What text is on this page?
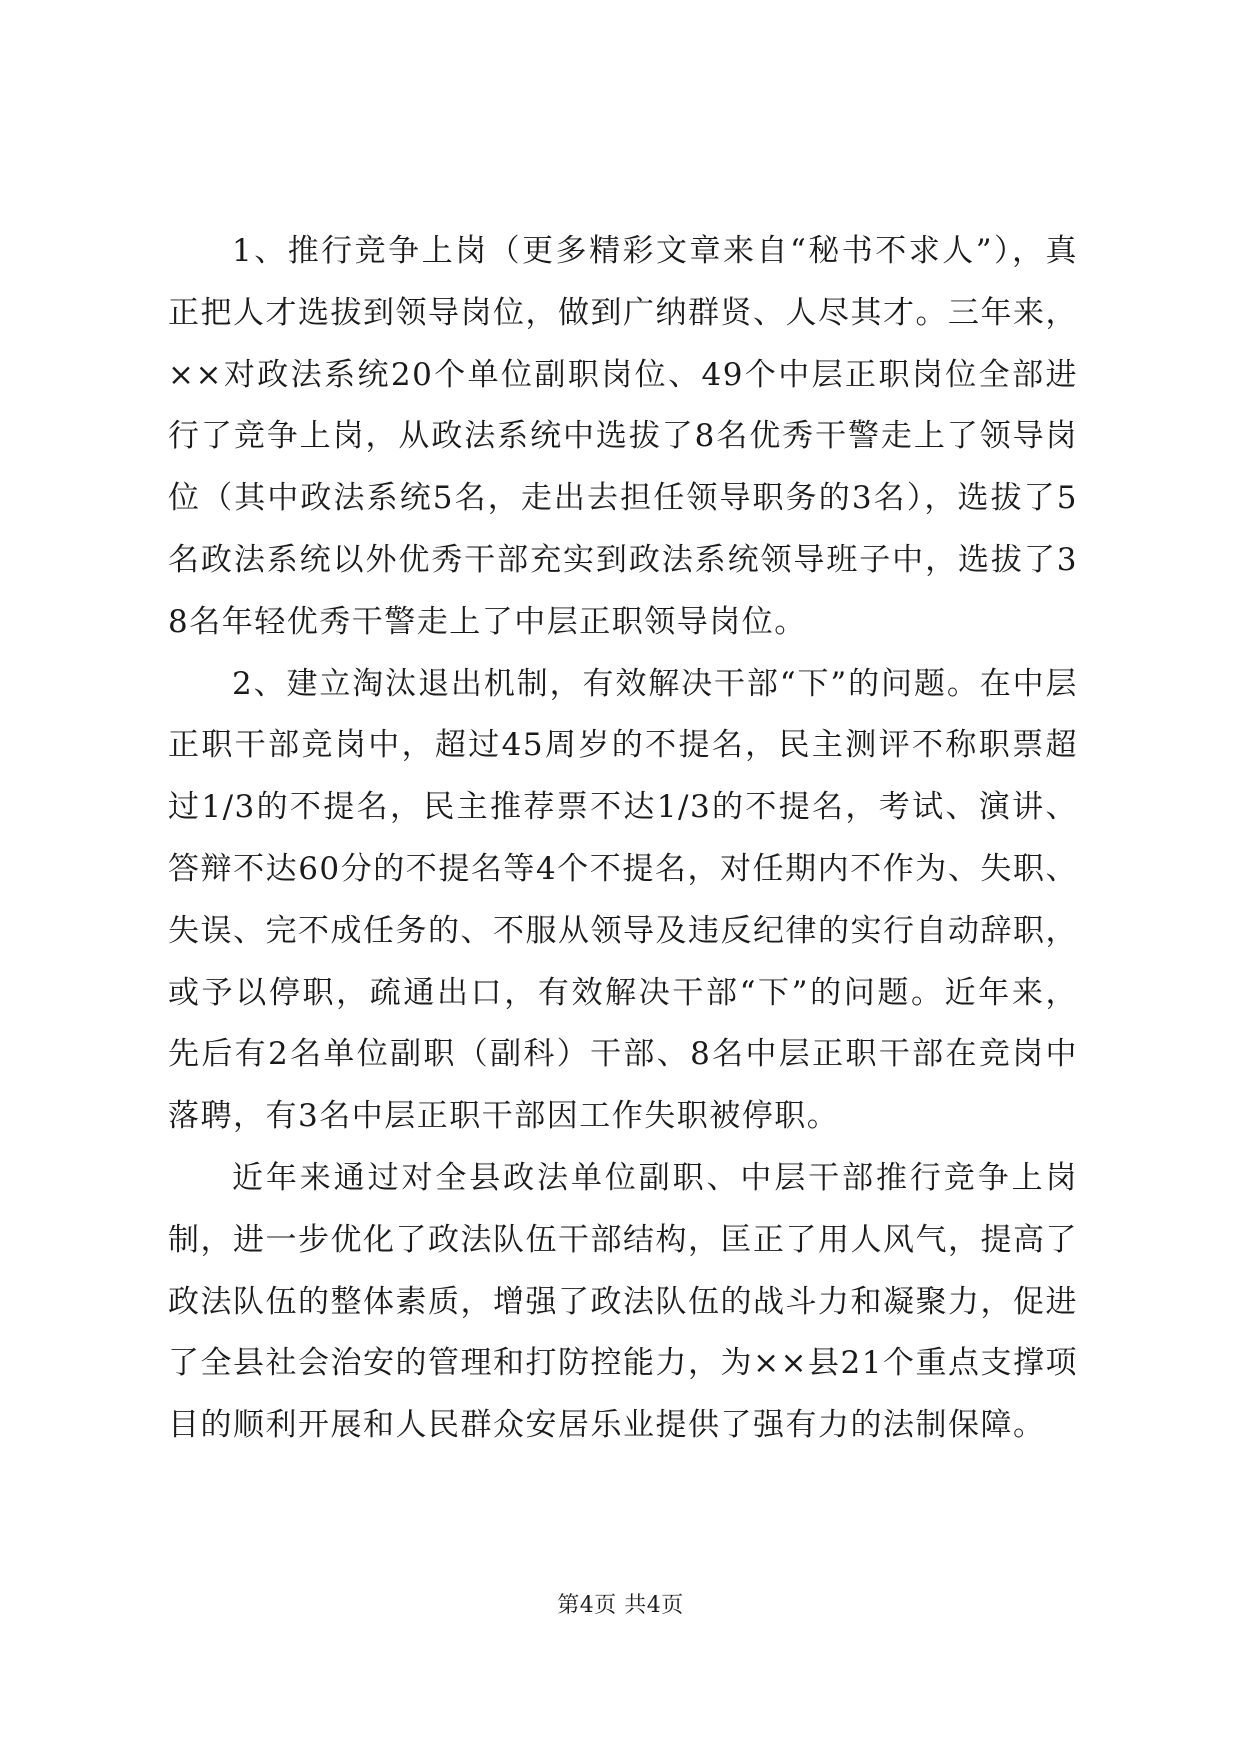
1、推行竞争上岗（更多精彩文章来自“秘书不求人”），真正把人才选拔到领导岗位，做到广纳群贤、人尽其才。三年来，××对政法系统20个单位副职岗位、49个中层正职岗位全部进行了竞争上岗，从政法系统中选拔了8名优秀干警走上了领导岗位（其中政法系统5名，走出去担任领导职务的3名），选拔了5名政法系统以外优秀干部充实到政法系统领导班子中，选拔了38名年轻优秀干警走上了中层正职领导岗位。

2、建立淘汰退出机制，有效解决干部“下”的问题。在中层正职干部竞岗中，超过45周岁的不提名，民主测评不称职票超过1/3的不提名，民主推荐票不达1/3的不提名，考试、演讲、答辩不达60分的不提名等4个不提名，对任期内不作为、失职、失误、完不成任务的、不服从领导及违反纪律的实行自动辞职，或予以停职，疏通出口，有效解决干部“下”的问题。近年来，先后有2名单位副职（副科）干部、8名中层正职干部在竞岗中落聘，有3名中层正职干部因工作失职被停职。

近年来通过对全县政法单位副职、中层干部推行竞争上岗制，进一步优化了政法队伍干部结构，匡正了用人风气，提高了政法队伍的整体素质，增强了政法队伍的战斗力和凝聚力，促进了全县社会治安的管理和打防控能力，为××县21个重点支撑项目的顺利开展和人民群众安居乐业提供了强有力的法制保障。

第4页 共4页
